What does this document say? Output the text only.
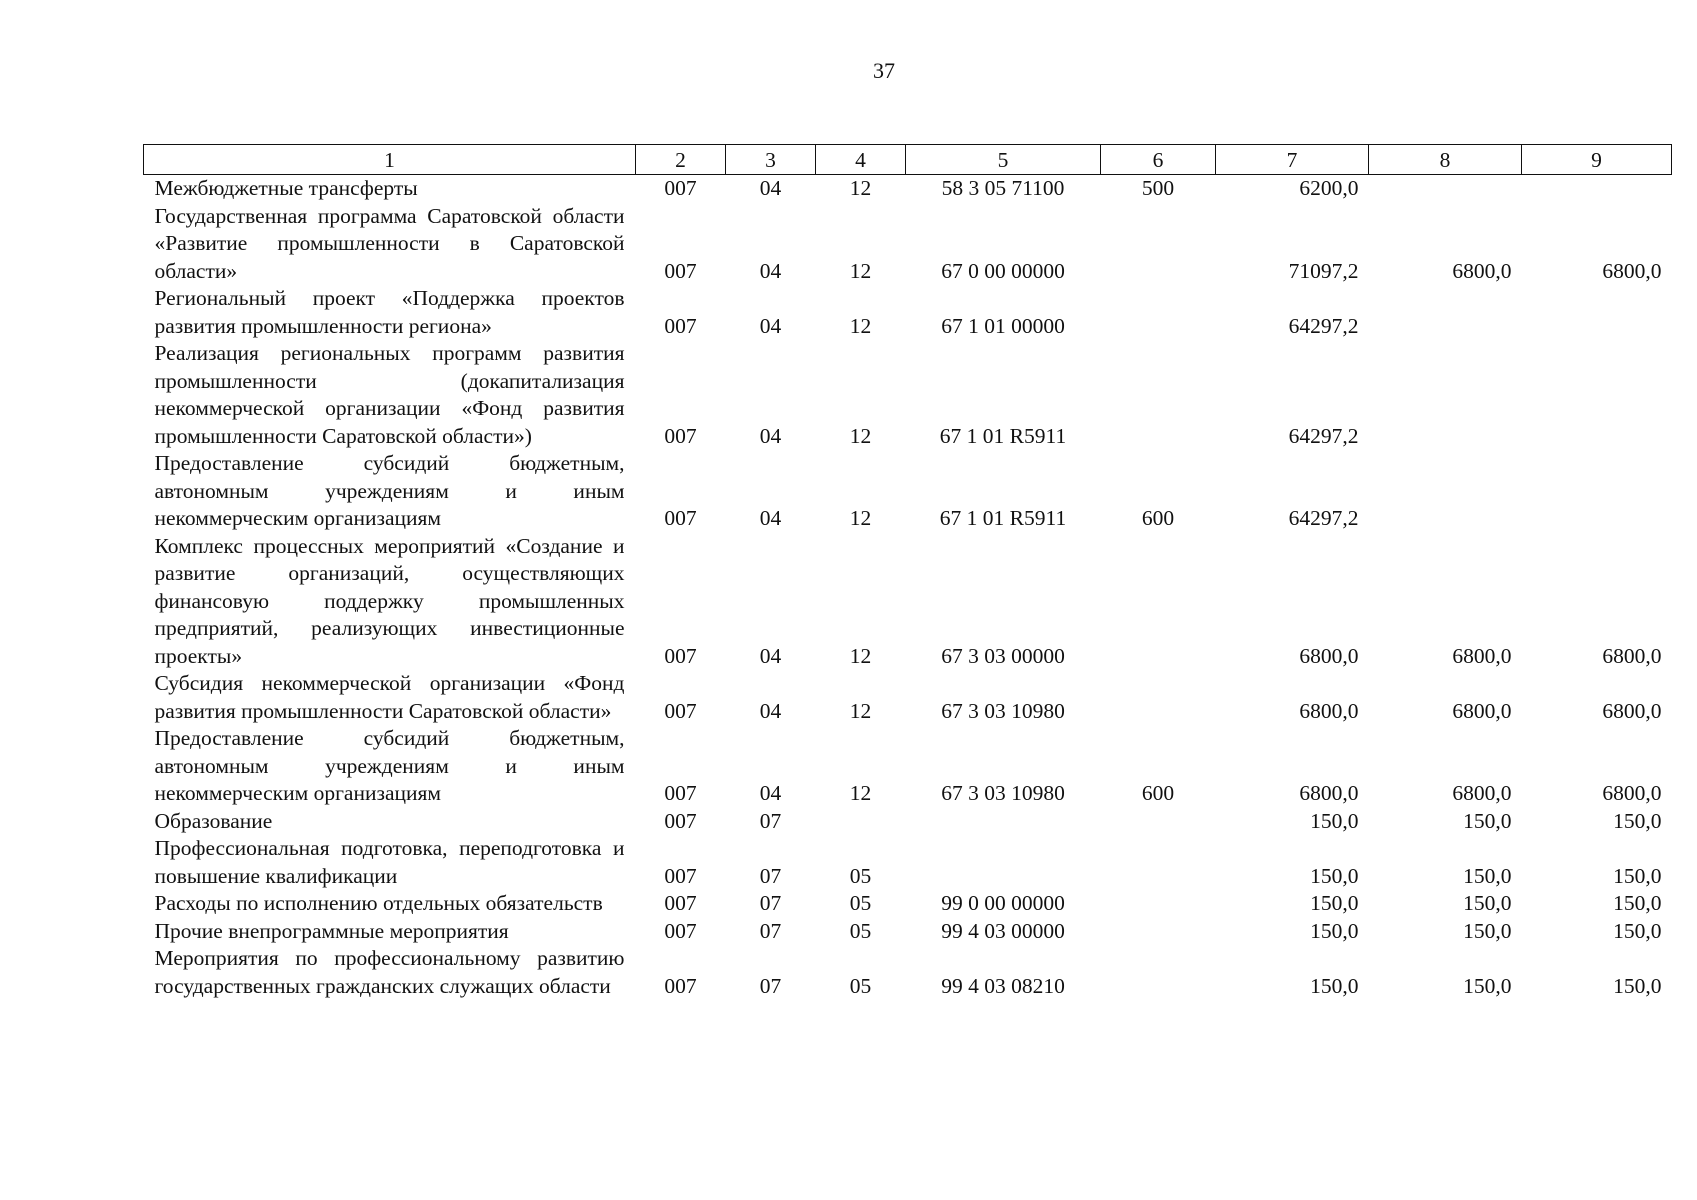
37
1	2	3	4	5	6	7	8	9
Межбюджетные трансферты	007	04	12	58 3 05 71100	500	6200,0		
Государственная программа Саратовской области «Развитие промышленности в Саратовской области»	007	04	12	67 0 00 00000		71097,2	6800,0	6800,0
Региональный проект «Поддержка проектов развития промышленности региона»	007	04	12	67 1 01 00000		64297,2		
Реализация региональных программ развития промышленности (докапитализация некоммерческой организации «Фонд развития промышленности Саратовской области»)	007	04	12	67 1 01 R5911		64297,2		
Предоставление субсидий бюджетным, автономным учреждениям и иным некоммерческим организациям	007	04	12	67 1 01 R5911	600	64297,2		
Комплекс процессных мероприятий «Создание и развитие организаций, осуществляющих финансовую поддержку промышленных предприятий, реализующих инвестиционные проекты»	007	04	12	67 3 03 00000		6800,0	6800,0	6800,0
Субсидия некоммерческой организации «Фонд развития промышленности Саратовской области»	007	04	12	67 3 03 10980		6800,0	6800,0	6800,0
Предоставление субсидий бюджетным, автономным учреждениям и иным некоммерческим организациям	007	04	12	67 3 03 10980	600	6800,0	6800,0	6800,0
Образование	007	07				150,0	150,0	150,0
Профессиональная подготовка, переподготовка и повышение квалификации	007	07	05			150,0	150,0	150,0
Расходы по исполнению отдельных обязательств	007	07	05	99 0 00 00000		150,0	150,0	150,0
Прочие внепрограммные мероприятия	007	07	05	99 4 03 00000		150,0	150,0	150,0
Мероприятия по профессиональному развитию государственных гражданских служащих области	007	07	05	99 4 03 08210		150,0	150,0	150,0
